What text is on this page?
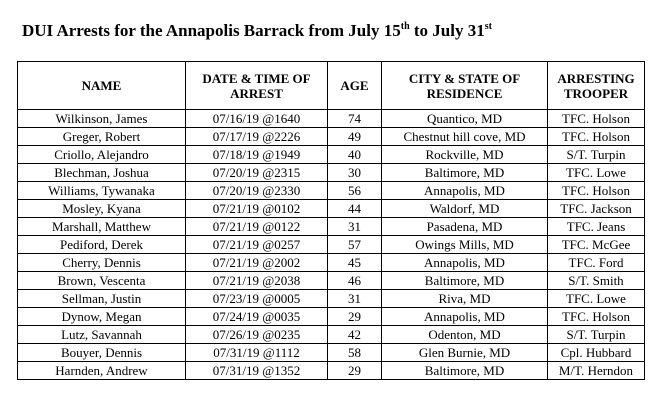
DUI Arrests for the Annapolis Barrack from July 15th to July 31st
NAME	DATE & TIME OF ARREST	AGE	CITY & STATE OF RESIDENCE	ARRESTING TROOPER
Wilkinson, James	07/16/19 @1640	74	Quantico, MD	TFC. Holson
Greger, Robert	07/17/19 @2226	49	Chestnut hill cove, MD	TFC. Holson
Criollo, Alejandro	07/18/19 @1949	40	Rockville, MD	S/T. Turpin
Blechman, Joshua	07/20/19 @2315	30	Baltimore, MD	TFC. Lowe
Williams, Tywanaka	07/20/19 @2330	56	Annapolis, MD	TFC. Holson
Mosley, Kyana	07/21/19 @0102	44	Waldorf, MD	TFC. Jackson
Marshall, Matthew	07/21/19 @0122	31	Pasadena, MD	TFC. Jeans
Pediford, Derek	07/21/19 @0257	57	Owings Mills, MD	TFC. McGee
Cherry, Dennis	07/21/19 @2002	45	Annapolis, MD	TFC. Ford
Brown, Vescenta	07/21/19 @2038	46	Baltimore, MD	S/T. Smith
Sellman, Justin	07/23/19 @0005	31	Riva, MD	TFC. Lowe
Dynow, Megan	07/24/19 @0035	29	Annapolis, MD	TFC. Holson
Lutz, Savannah	07/26/19 @0235	42	Odenton, MD	S/T. Turpin
Bouyer, Dennis	07/31/19 @1112	58	Glen Burnie, MD	Cpl. Hubbard
Harnden, Andrew	07/31/19 @1352	29	Baltimore, MD	M/T. Herndon
